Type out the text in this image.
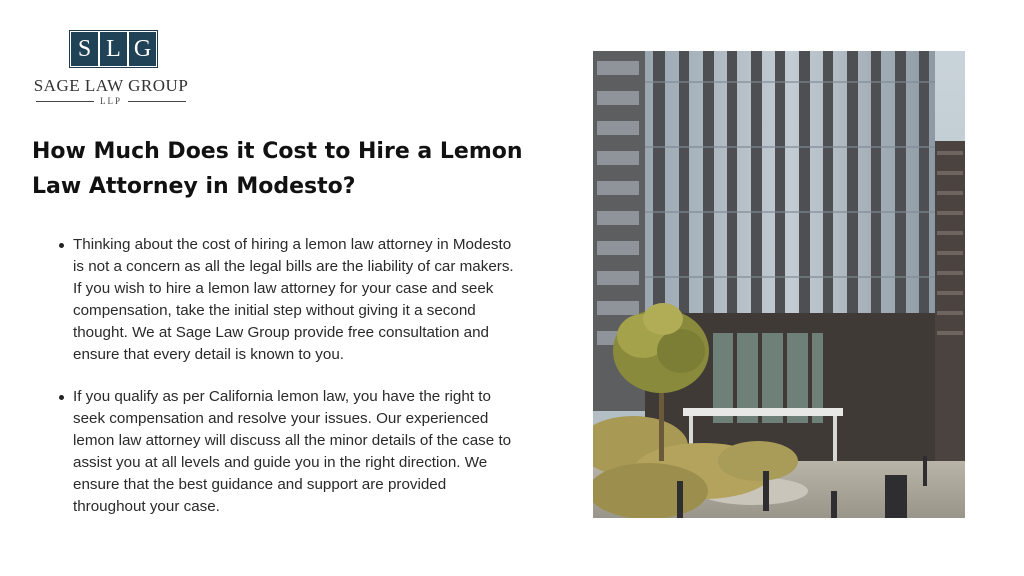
S L G
SAGE LAW GROUP
LLP
How Much Does it Cost to Hire a Lemon Law Attorney in Modesto?
Thinking about the cost of hiring a lemon law attorney in Modesto is not a concern as all the legal bills are the liability of car makers. If you wish to hire a lemon law attorney for your case and seek compensation, take the initial step without giving it a second thought. We at Sage Law Group provide free consultation and ensure that every detail is known to you.
If you qualify as per California lemon law, you have the right to seek compensation and resolve your issues. Our experienced lemon law attorney will discuss all the minor details of the case to assist you at all levels and guide you in the right direction. We ensure that the best guidance and support are provided throughout your case.
